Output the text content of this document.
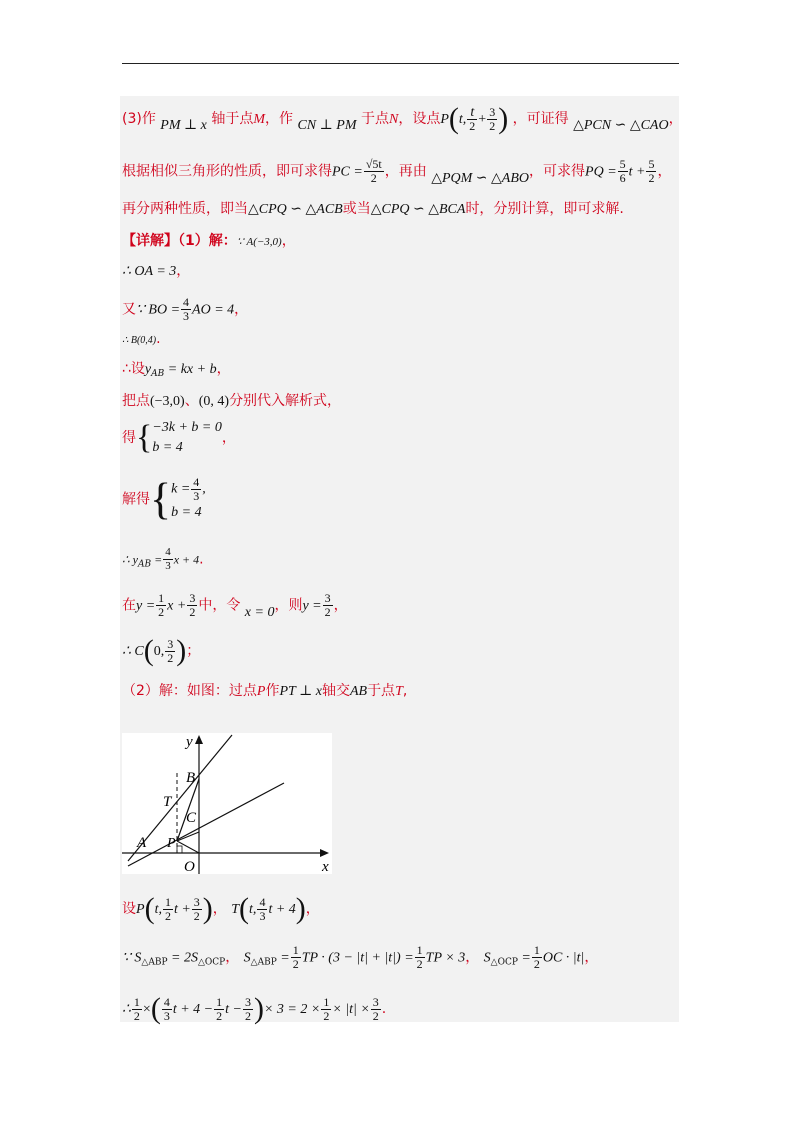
(3)作 PM ⊥ x 轴于点M，作 CN ⊥ PM 于点N，设点P(t, $\frac{t}{2} + \frac{3}{2}$ ) ，可证得 △PCN ∽ △CAO，
根据相似三角形的性质，即可求得PC = $\frac{√5t}{2}$ ，再由 △PQM ∽ △ABO，可求得PQ = $\frac{5}{6}$ $t + \frac{5}{2}$ ，
再分两种性质，即当△CPQ ∽ △ACB或当△CPQ ∽ △BCA时，分别计算，即可求解.
【详解】（1）解：∵ A(−3,0)，
∴ OA = 3，
又∵ BO = $\frac{4}{3}$ AO = 4，
∴ B(0,4).
∴设$y_{AB}$ = kx + b，
把点(−3,0)、(0, 4)分别代入解析式，
得{ −3k + b = 0
b = 4
，
解得{ $k = \frac{4}{3}$ ,
b = 4
∴ $y_{AB} = \frac{4}{3}$ x + 4.
在$y = \frac{1}{2}$ $x + \frac{3}{2}$ 中，令 x = 0，则$y = \frac{3}{2}$ ，
∴ C(0, $\frac{3}{2}$ )；
（2）解：如图：过点P作PT ⊥ x轴交AB于点T,
y
x
B
T
C
A P
O
设P(t, $\frac{1}{2}$ $t + \frac{3}{2}$ )， T(t, $\frac{4}{3}$ t + 4)，
∵ $S_{\triangle ABP} = 2S_{\triangle OCP}$， $S_{\triangle ABP} = \frac{1}{2}$ TP · $(3 - |t| + |t|) = \frac{1}{2}$ TP × 3， $S_{\triangle OCP} = \frac{1}{2}$ OC · |t|，
∴ $\frac{1}{2}$ ×( $\frac{4}{3}$ $t + 4 - \frac{1}{2}$ $t - \frac{3}{2}$ )× $3 = 2 \times \frac{1}{2} \times |t| \times \frac{3}{2}$ .
